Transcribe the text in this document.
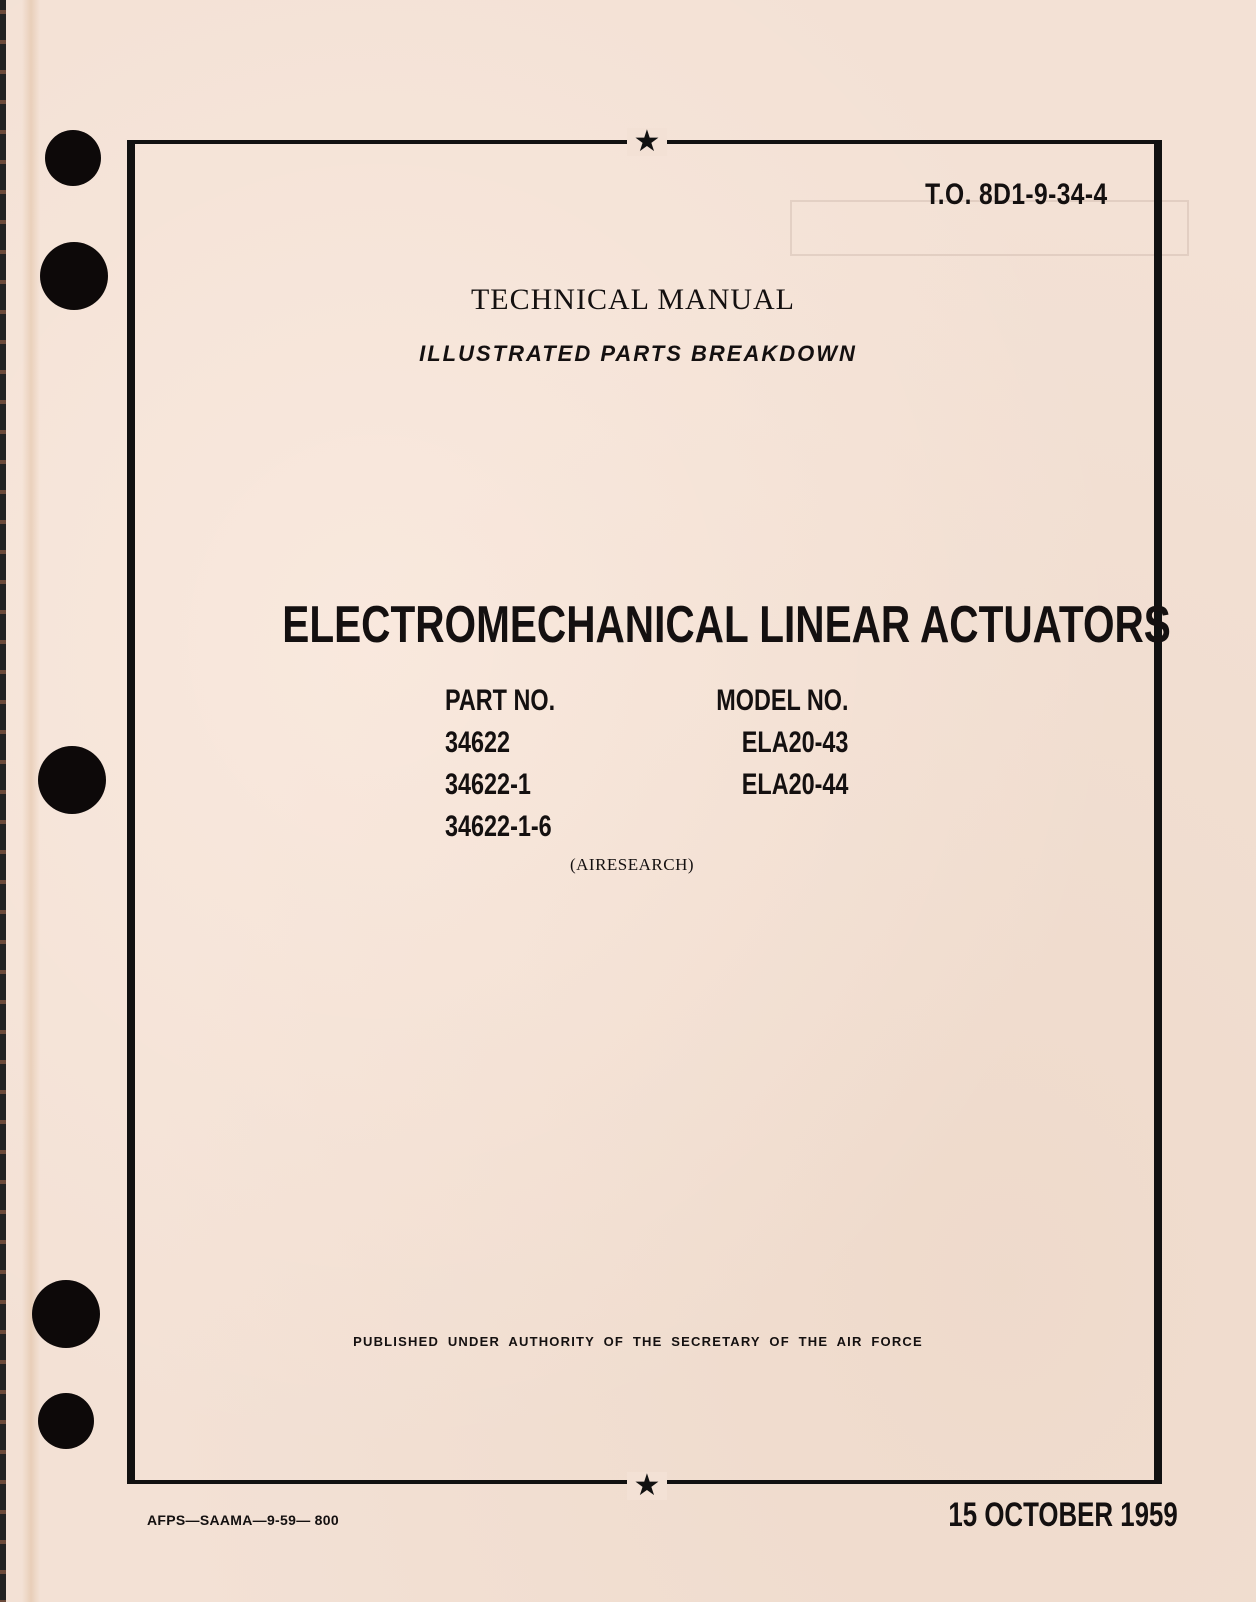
★
★
T.O. 8D1-9-34-4
TECHNICAL MANUAL
ILLUSTRATED PARTS BREAKDOWN
ELECTROMECHANICAL LINEAR ACTUATORS
PART NO.
34622
34622-1
34622-1-6
MODEL NO.
ELA20-43
ELA20-44
(AIRESEARCH)
PUBLISHED UNDER AUTHORITY OF THE SECRETARY OF THE AIR FORCE
AFPS—SAAMA—9-59— 800	15 OCTOBER 1959
